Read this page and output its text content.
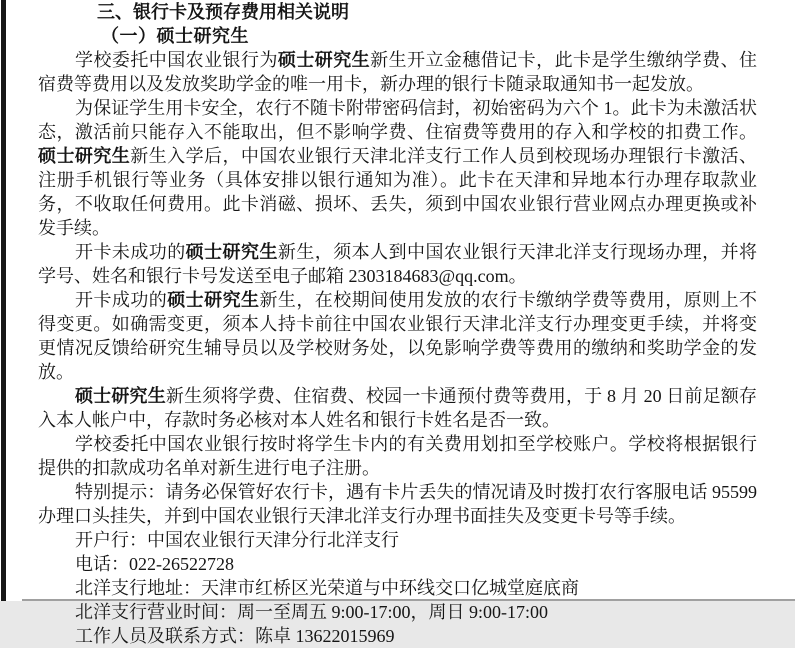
三、银行卡及预存费用相关说明
（一）硕士研究生

学校委托中国农业银行为硕士研究生新生开立金穗借记卡，此卡是学生缴纳学费、住宿费等费用以及发放奖助学金的唯一用卡，新办理的银行卡随录取通知书一起发放。

为保证学生用卡安全，农行不随卡附带密码信封，初始密码为六个 1。此卡为未激活状态，激活前只能存入不能取出，但不影响学费、住宿费等费用的存入和学校的扣费工作。硕士研究生新生入学后，中国农业银行天津北洋支行工作人员到校现场办理银行卡激活、注册手机银行等业务（具体安排以银行通知为准）。此卡在天津和异地本行办理存取款业务，不收取任何费用。此卡消磁、损坏、丢失，须到中国农业银行营业网点办理更换或补发手续。

开卡未成功的硕士研究生新生，须本人到中国农业银行天津北洋支行现场办理，并将学号、姓名和银行卡号发送至电子邮箱 2303184683@qq.com。

开卡成功的硕士研究生新生，在校期间使用发放的农行卡缴纳学费等费用，原则上不得变更。如确需变更，须本人持卡前往中国农业银行天津北洋支行办理变更手续，并将变更情况反馈给研究生辅导员以及学校财务处，以免影响学费等费用的缴纳和奖助学金的发放。

硕士研究生新生须将学费、住宿费、校园一卡通预付费等费用，于 8 月 20 日前足额存入本人帐户中，存款时务必核对本人姓名和银行卡姓名是否一致。

学校委托中国农业银行按时将学生卡内的有关费用划扣至学校账户。学校将根据银行提供的扣款成功名单对新生进行电子注册。

特别提示：请务必保管好农行卡，遇有卡片丢失的情况请及时拨打农行客服电话 95599 办理口头挂失，并到中国农业银行天津北洋支行办理书面挂失及变更卡号等手续。

开户行：中国农业银行天津分行北洋支行

电话：022-26522728

北洋支行地址：天津市红桥区光荣道与中环线交口亿城堂庭底商

北洋支行营业时间：周一至周五 9:00-17:00，周日 9:00-17:00

工作人员及联系方式：陈卓 13622015969
